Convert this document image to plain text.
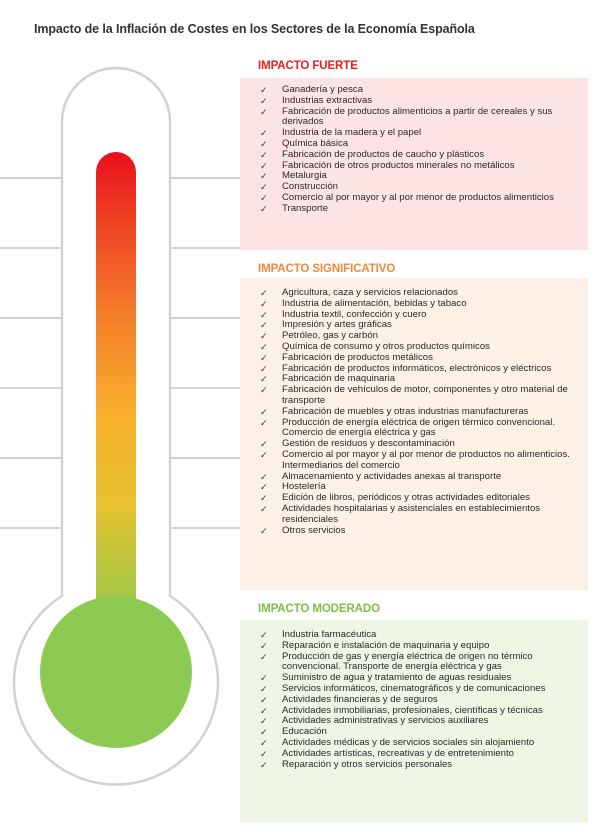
Impacto de la Inflación de Costes en los Sectores de la Economía Española
IMPACTO FUERTE
IMPACTO SIGNIFICATIVO
IMPACTO MODERADO
✓ Ganadería y pesca
✓ Industrias extractivas
✓ Fabricación de productos alimenticios a partir de cereales y sus derivados
✓ Industria de la madera y el papel
✓ Química básica
✓ Fabricación de productos de caucho y plásticos
✓ Fabricación de otros productos minerales no metálicos
✓ Metalurgia
✓ Construcción
✓ Comercio al por mayor y al por menor de productos alimenticios
✓ Transporte
✓ Agricultura, caza y servicios relacionados
✓ Industria de alimentación, bebidas y tabaco
✓ Industria textil, confección y cuero
✓ Impresión y artes gráficas
✓ Petróleo, gas y carbón
✓ Química de consumo y otros productos químicos
✓ Fabricación de productos metálicos
✓ Fabricación de productos informáticos, electrónicos y eléctricos
✓ Fabricación de maquinaria
✓ Fabricación de vehículos de motor, componentes y otro material de transporte
✓ Fabricación de muebles y otras industrias manufactureras
✓ Producción de energía eléctrica de origen térmico convencional. Comercio de energía eléctrica y gas
✓ Gestión de residuos y descontaminación
✓ Comercio al por mayor y al por menor de productos no alimenticios. Intermediarios del comercio
✓ Almacenamiento y actividades anexas al transporte
✓ Hostelería
✓ Edición de libros, periódicos y otras actividades editoriales
✓ Actividades hospitalarias y asistenciales en establecimientos residenciales
✓ Otros servicios
✓ Industria farmacéutica
✓ Reparación e instalación de maquinaria y equipo
✓ Producción de gas y energía eléctrica de origen no térmico convencional. Transporte de energía eléctrica y gas
✓ Suministro de agua y tratamiento de aguas residuales
✓ Servicios informáticos, cinematográficos y de comunicaciones
✓ Actividades financieras y de seguros
✓ Actividades inmobiliarias, profesionales, científicas y técnicas
✓ Actividades administrativas y servicios auxiliares
✓ Educación
✓ Actividades médicas y de servicios sociales sin alojamiento
✓ Actividades artísticas, recreativas y de entretenimiento
✓ Reparación y otros servicios personales
